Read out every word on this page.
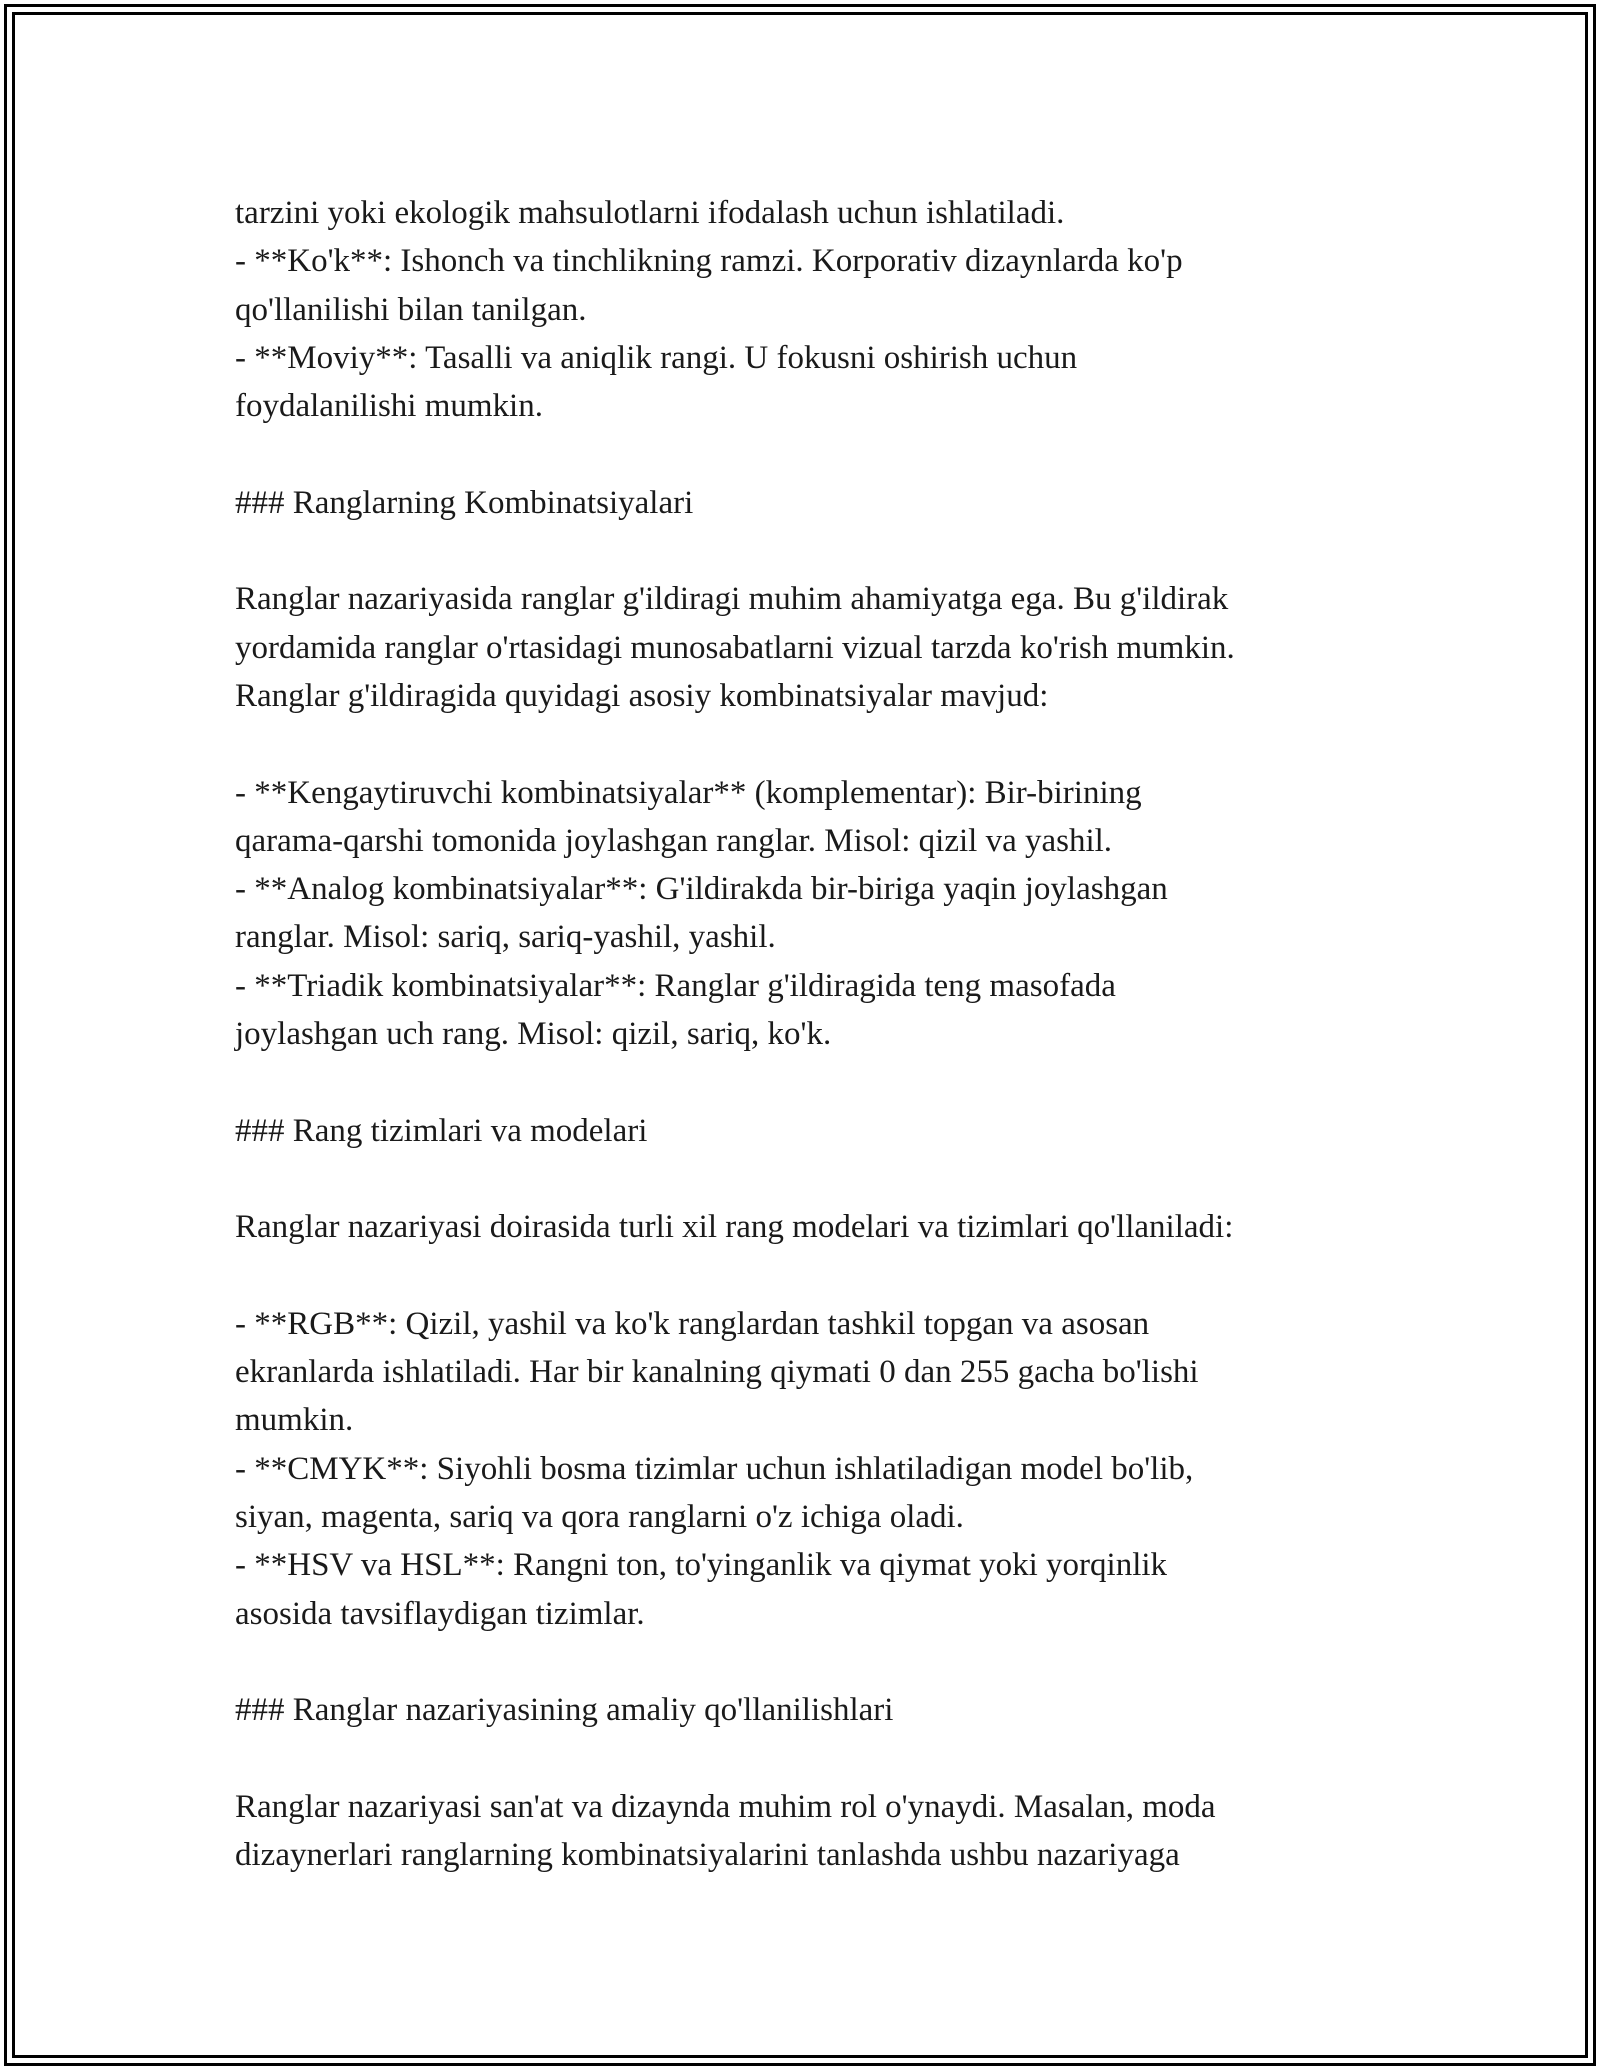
tarzini yoki ekologik mahsulotlarni ifodalash uchun ishlatiladi.
- **Ko'k**: Ishonch va tinchlikning ramzi. Korporativ dizaynlarda ko'p
qo'llanilishi bilan tanilgan.
- **Moviy**: Tasalli va aniqlik rangi. U fokusni oshirish uchun
foydalanilishi mumkin.
### Ranglarning Kombinatsiyalari
Ranglar nazariyasida ranglar g'ildiragi muhim ahamiyatga ega. Bu g'ildirak
yordamida ranglar o'rtasidagi munosabatlarni vizual tarzda ko'rish mumkin.
Ranglar g'ildiragida quyidagi asosiy kombinatsiyalar mavjud:
- **Kengaytiruvchi kombinatsiyalar** (komplementar): Bir-birining
qarama-qarshi tomonida joylashgan ranglar. Misol: qizil va yashil.
- **Analog kombinatsiyalar**: G'ildirakda bir-biriga yaqin joylashgan
ranglar. Misol: sariq, sariq-yashil, yashil.
- **Triadik kombinatsiyalar**: Ranglar g'ildiragida teng masofada
joylashgan uch rang. Misol: qizil, sariq, ko'k.
### Rang tizimlari va modelari
Ranglar nazariyasi doirasida turli xil rang modelari va tizimlari qo'llaniladi:
- **RGB**: Qizil, yashil va ko'k ranglardan tashkil topgan va asosan
ekranlarda ishlatiladi. Har bir kanalning qiymati 0 dan 255 gacha bo'lishi
mumkin.
- **CMYK**: Siyohli bosma tizimlar uchun ishlatiladigan model bo'lib,
siyan, magenta, sariq va qora ranglarni o'z ichiga oladi.
- **HSV va HSL**: Rangni ton, to'yinganlik va qiymat yoki yorqinlik
asosida tavsiflaydigan tizimlar.
### Ranglar nazariyasining amaliy qo'llanilishlari
Ranglar nazariyasi san'at va dizaynda muhim rol o'ynaydi. Masalan, moda
dizaynerlari ranglarning kombinatsiyalarini tanlashda ushbu nazariyaga
